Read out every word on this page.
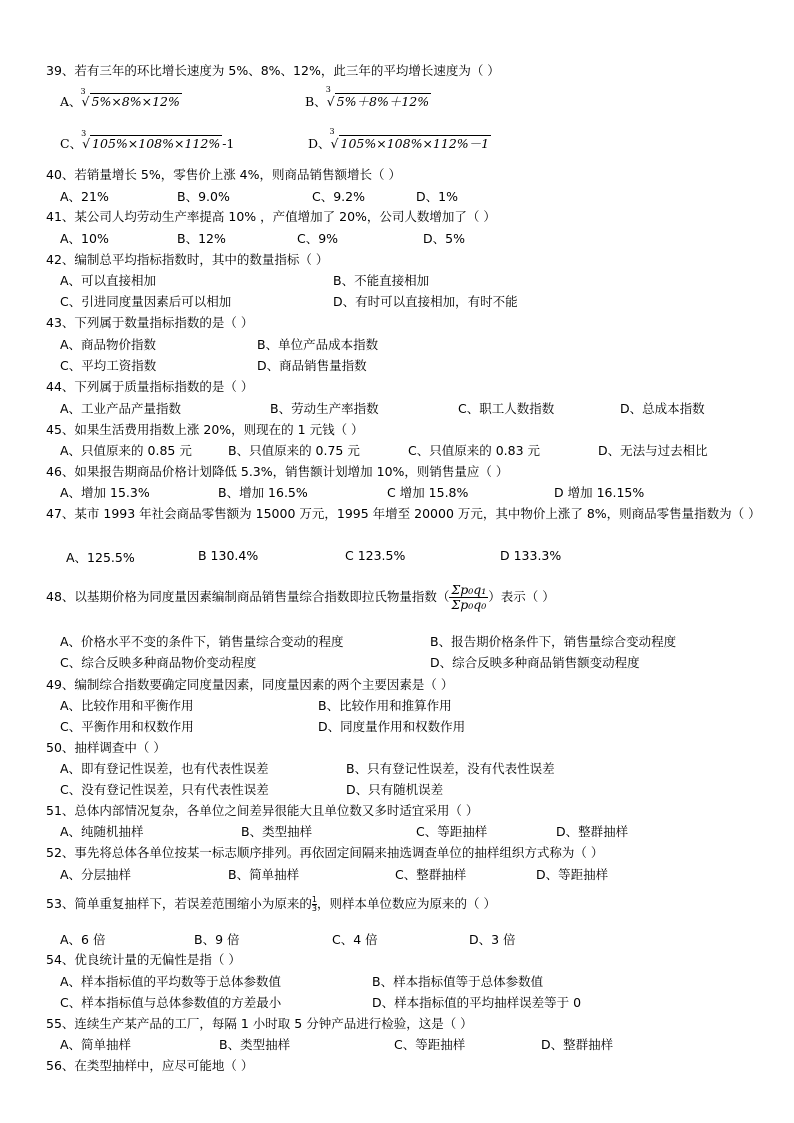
39、若有三年的环比增长速度为 5%、8%、12%，此三年的平均增长速度为（ ）
A、
3
√ 5%×8%×12%	B、
3
√ 5%＋8%＋12%
C、
3
√ 105%×108%×112% -1	D、
3
√ 105%×108%×112%－1
40、若销量增长 5%，零售价上涨 4%，则商品销售额增长（ ）
A、21%	B、9.0%	C、9.2%	D、1%
41、某公司人均劳动生产率提高 10% ，产值增加了 20%，公司人数增加了（ ）
A、10%	B、12%	C、9%	D、5%
42、编制总平均指标指数时，其中的数量指标（ ）
A、可以直接相加	B、不能直接相加
C、引进同度量因素后可以相加	D、有时可以直接相加，有时不能
43、下列属于数量指标指数的是（ ）
A、商品物价指数	B、单位产品成本指数
C、平均工资指数	D、商品销售量指数
44、下列属于质量指标指数的是（ ）
A、工业产品产量指数	B、劳动生产率指数	C、职工人数指数	D、总成本指数
45、如果生活费用指数上涨 20%，则现在的 1 元钱（ ）
A、只值原来的 0.85 元	B、只值原来的 0.75 元	C、只值原来的 0.83 元	D、无法与过去相比
46、如果报告期商品价格计划降低 5.3%，销售额计划增加 10%，则销售量应（ ）
A、增加 15.3%	B、增加 16.5%	C 增加 15.8%	D 增加 16.15%
47、某市 1993 年社会商品零售额为 15000 万元，1995 年增至 20000 万元，其中物价上涨了 8%，则商品零售量指数为（ ）
A、125.5%	B 130.4%	C 123.5%	D 133.3%
48、以基期价格为同度量因素编制商品销售量综合指数即拉氏物量指数（ $\frac{\text{Σp₀q₁}}{\text{Σp₀q₀}}$ ）表示（ ）
A、价格水平不变的条件下，销售量综合变动的程度	B、报告期价格条件下，销售量综合变动程度
C、综合反映多种商品物价变动程度	D、综合反映多种商品销售额变动程度
49、编制综合指数要确定同度量因素，同度量因素的两个主要因素是（ ）
A、比较作用和平衡作用	B、比较作用和推算作用
C、平衡作用和权数作用	D、同度量作用和权数作用
50、抽样调查中（ ）
A、即有登记性误差，也有代表性误差	B、只有登记性误差，没有代表性误差
C、没有登记性误差，只有代表性误差	D、只有随机误差
51、总体内部情况复杂，各单位之间差异很能大且单位数又多时适宜采用（ ）
A、纯随机抽样	B、类型抽样	C、等距抽样	D、整群抽样
52、事先将总体各单位按某一标志顺序排列。再依固定间隔来抽选调查单位的抽样组织方式称为（ ）
A、分层抽样	B、简单抽样	C、整群抽样	D、等距抽样
53、简单重复抽样下，若误差范围缩小为原来的 $\frac{1}{3}$ ，则样本单位数应为原来的（ ）
A、6 倍	B、9 倍	C、4 倍	D、3 倍
54、优良统计量的无偏性是指（ ）
A、样本指标值的平均数等于总体参数值	B、样本指标值等于总体参数值
C、样本指标值与总体参数值的方差最小	D、样本指标值的平均抽样误差等于 0
55、连续生产某产品的工厂，每隔 1 小时取 5 分钟产品进行检验，这是（ ）
A、简单抽样	B、类型抽样	C、等距抽样	D、整群抽样
56、在类型抽样中，应尽可能地（ ）
